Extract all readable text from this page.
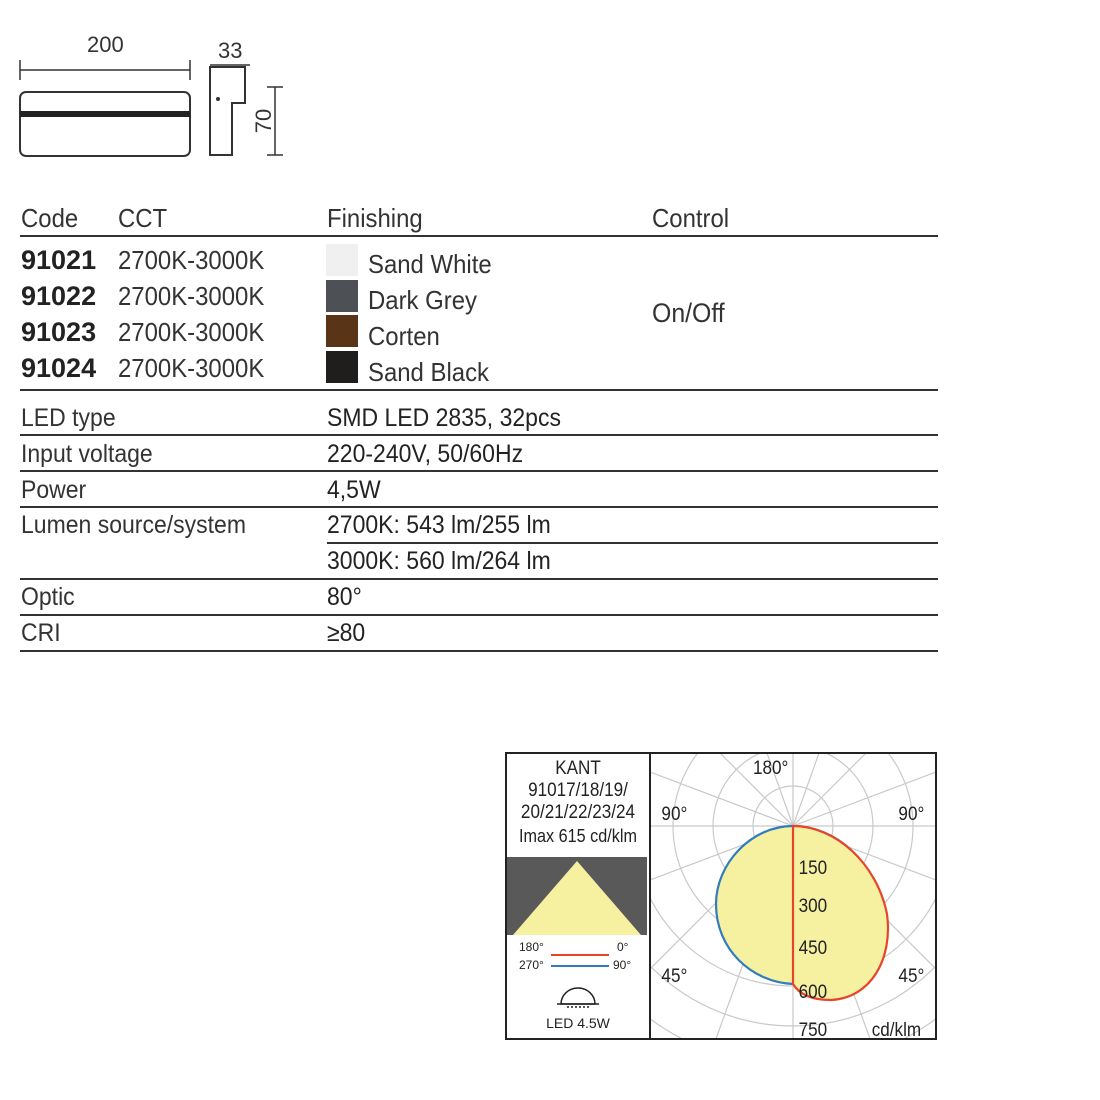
200	33
70
Code CCT	Finishing	Control
91021 2700K-3000K	Sand White
91022 2700K-3000K	Dark Grey
91023 2700K-3000K	Corten
91024 2700K-3000K	Sand Black
On/Off
LED type	SMD LED 2835, 32pcs
Input voltage	220-240V, 50/60Hz
Power	4,5W
Lumen source/system	2700K: 543 lm/255 lm
3000K: 560 lm/264 lm
Optic	80°
CRI	≥80
KANT
91017/18/19/
20/21/22/23/24
Imax 615 cd/klm
180°	0°
270°	90°
LED 4.5W
180°
90°	90°
45°	45°
150
300
450
600
750 cd/klm
